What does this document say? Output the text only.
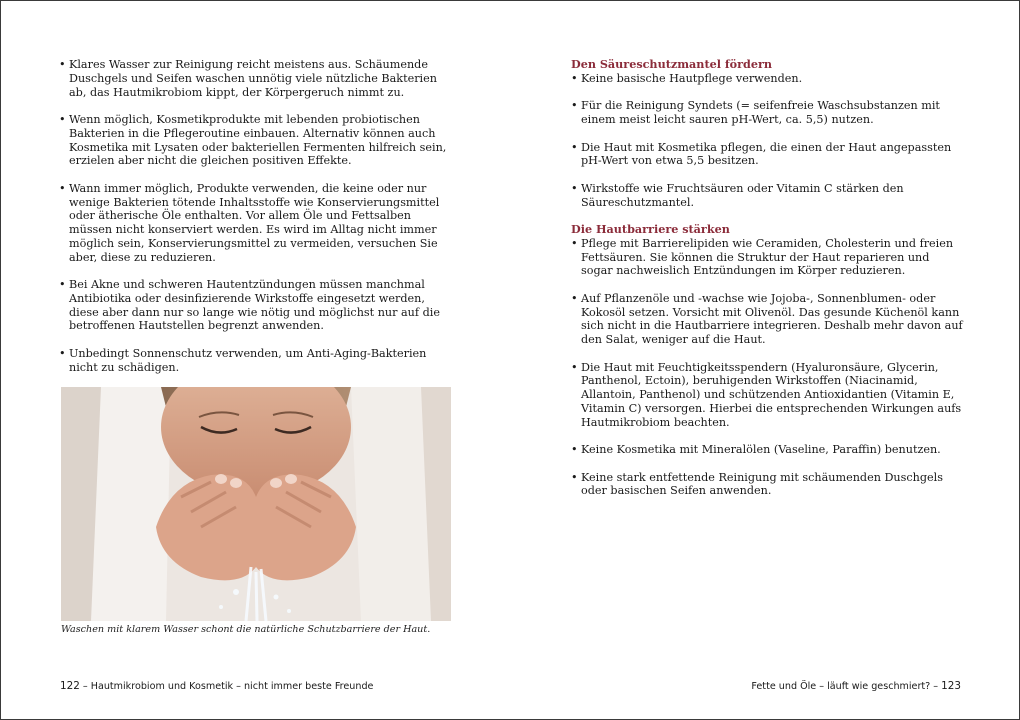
• Klares Wasser zur Reinigung reicht meistens aus. Schäumende Duschgels und Seifen waschen unnötig viele nützliche Bakterien ab, das Hautmikrobiom kippt, der Körpergeruch nimmt zu.

• Wenn möglich, Kosmetikprodukte mit lebenden probiotischen Bakterien in die Pflegeroutine einbauen. Alternativ können auch Kosmetika mit Lysaten oder bakteriellen Fermenten hilfreich sein, erzielen aber nicht die gleichen positiven Effekte.

• Wann immer möglich, Produkte verwenden, die keine oder nur wenige Bakterien tötende Inhaltsstoffe wie Konservierungsmittel oder ätherische Öle enthalten. Vor allem Öle und Fettsalben müssen nicht konserviert werden. Es wird im Alltag nicht immer möglich sein, Konservierungsmittel zu vermeiden, versuchen Sie aber, diese zu reduzieren.

• Bei Akne und schweren Hautentzündungen müssen manchmal Antibiotika oder desinfizierende Wirkstoffe eingesetzt werden, diese aber dann nur so lange wie nötig und möglichst nur auf die betroffenen Hautstellen begrenzt anwenden.

• Unbedingt Sonnenschutz verwenden, um Anti-Aging-Bakterien nicht zu schädigen.

Waschen mit klarem Wasser schont die natürliche Schutzbarriere der Haut.
122 – Hautmikrobiom und Kosmetik – nicht immer beste Freunde

Den Säureschutzmantel fördern

• Keine basische Hautpflege verwenden.

• Für die Reinigung Syndets (= seifenfreie Waschsubstanzen mit einem meist leicht sauren pH-Wert, ca. 5,5) nutzen.

• Die Haut mit Kosmetika pflegen, die einen der Haut angepassten pH-Wert von etwa 5,5 besitzen.

• Wirkstoffe wie Fruchtsäuren oder Vitamin C stärken den Säureschutzmantel.

Die Hautbarriere stärken

• Pflege mit Barrierelipiden wie Ceramiden, Cholesterin und freien Fettsäuren. Sie können die Struktur der Haut reparieren und sogar nachweislich Entzündungen im Körper reduzieren.

• Auf Pflanzenöle und -wachse wie Jojoba-, Sonnenblumen- oder Kokosöl setzen. Vorsicht mit Olivenöl. Das gesunde Küchenöl kann sich nicht in die Hautbarriere integrieren. Deshalb mehr davon auf den Salat, weniger auf die Haut.

• Die Haut mit Feuchtigkeitsspendern (Hyaluronsäure, Glycerin, Panthenol, Ectoin), beruhigenden Wirkstoffen (Niacinamid, Allantoin, Panthenol) und schützenden Antioxidantien (Vitamin E, Vitamin C) versorgen. Hierbei die entsprechenden Wirkungen aufs Hautmikrobiom beachten.

• Keine Kosmetika mit Mineralölen (Vaseline, Paraffin) benutzen.

• Keine stark entfettende Reinigung mit schäumenden Duschgels oder basischen Seifen anwenden.

Fette und Öle – läuft wie geschmiert? – 123
